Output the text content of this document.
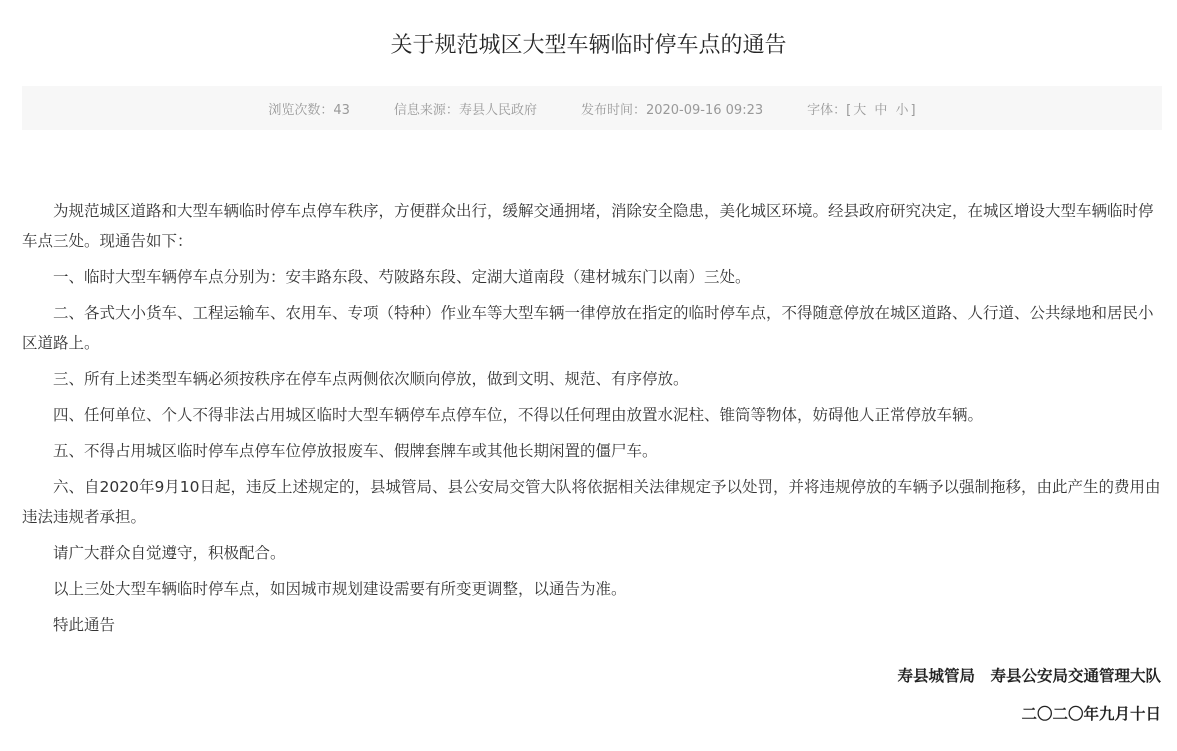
关于规范城区大型车辆临时停车点的通告
浏览次数：43	信息来源：寿县人民政府	发布时间：2020-09-16 09:23	字体：[ 大 中 小 ]

为规范城区道路和大型车辆临时停车点停车秩序，方便群众出行，缓解交通拥堵，消除安全隐患，美化城区环境。经县政府研究决定，在城区增设大型车辆临时停车点三处。现通告如下：

一、临时大型车辆停车点分别为：安丰路东段、芍陂路东段、定湖大道南段（建材城东门以南）三处。

二、各式大小货车、工程运输车、农用车、专项（特种）作业车等大型车辆一律停放在指定的临时停车点，不得随意停放在城区道路、人行道、公共绿地和居民小区道路上。

三、所有上述类型车辆必须按秩序在停车点两侧依次顺向停放，做到文明、规范、有序停放。

四、任何单位、个人不得非法占用城区临时大型车辆停车点停车位，不得以任何理由放置水泥柱、锥筒等物体，妨碍他人正常停放车辆。

五、不得占用城区临时停车点停车位停放报废车、假牌套牌车或其他长期闲置的僵尸车。

六、自2020年9月10日起，违反上述规定的，县城管局、县公安局交管大队将依据相关法律规定予以处罚，并将违规停放的车辆予以强制拖移，由此产生的费用由违法违规者承担。

请广大群众自觉遵守，积极配合。

以上三处大型车辆临时停车点，如因城市规划建设需要有所变更调整，以通告为准。

特此通告

寿县城管局　寿县公安局交通管理大队
二〇二〇年九月十日
